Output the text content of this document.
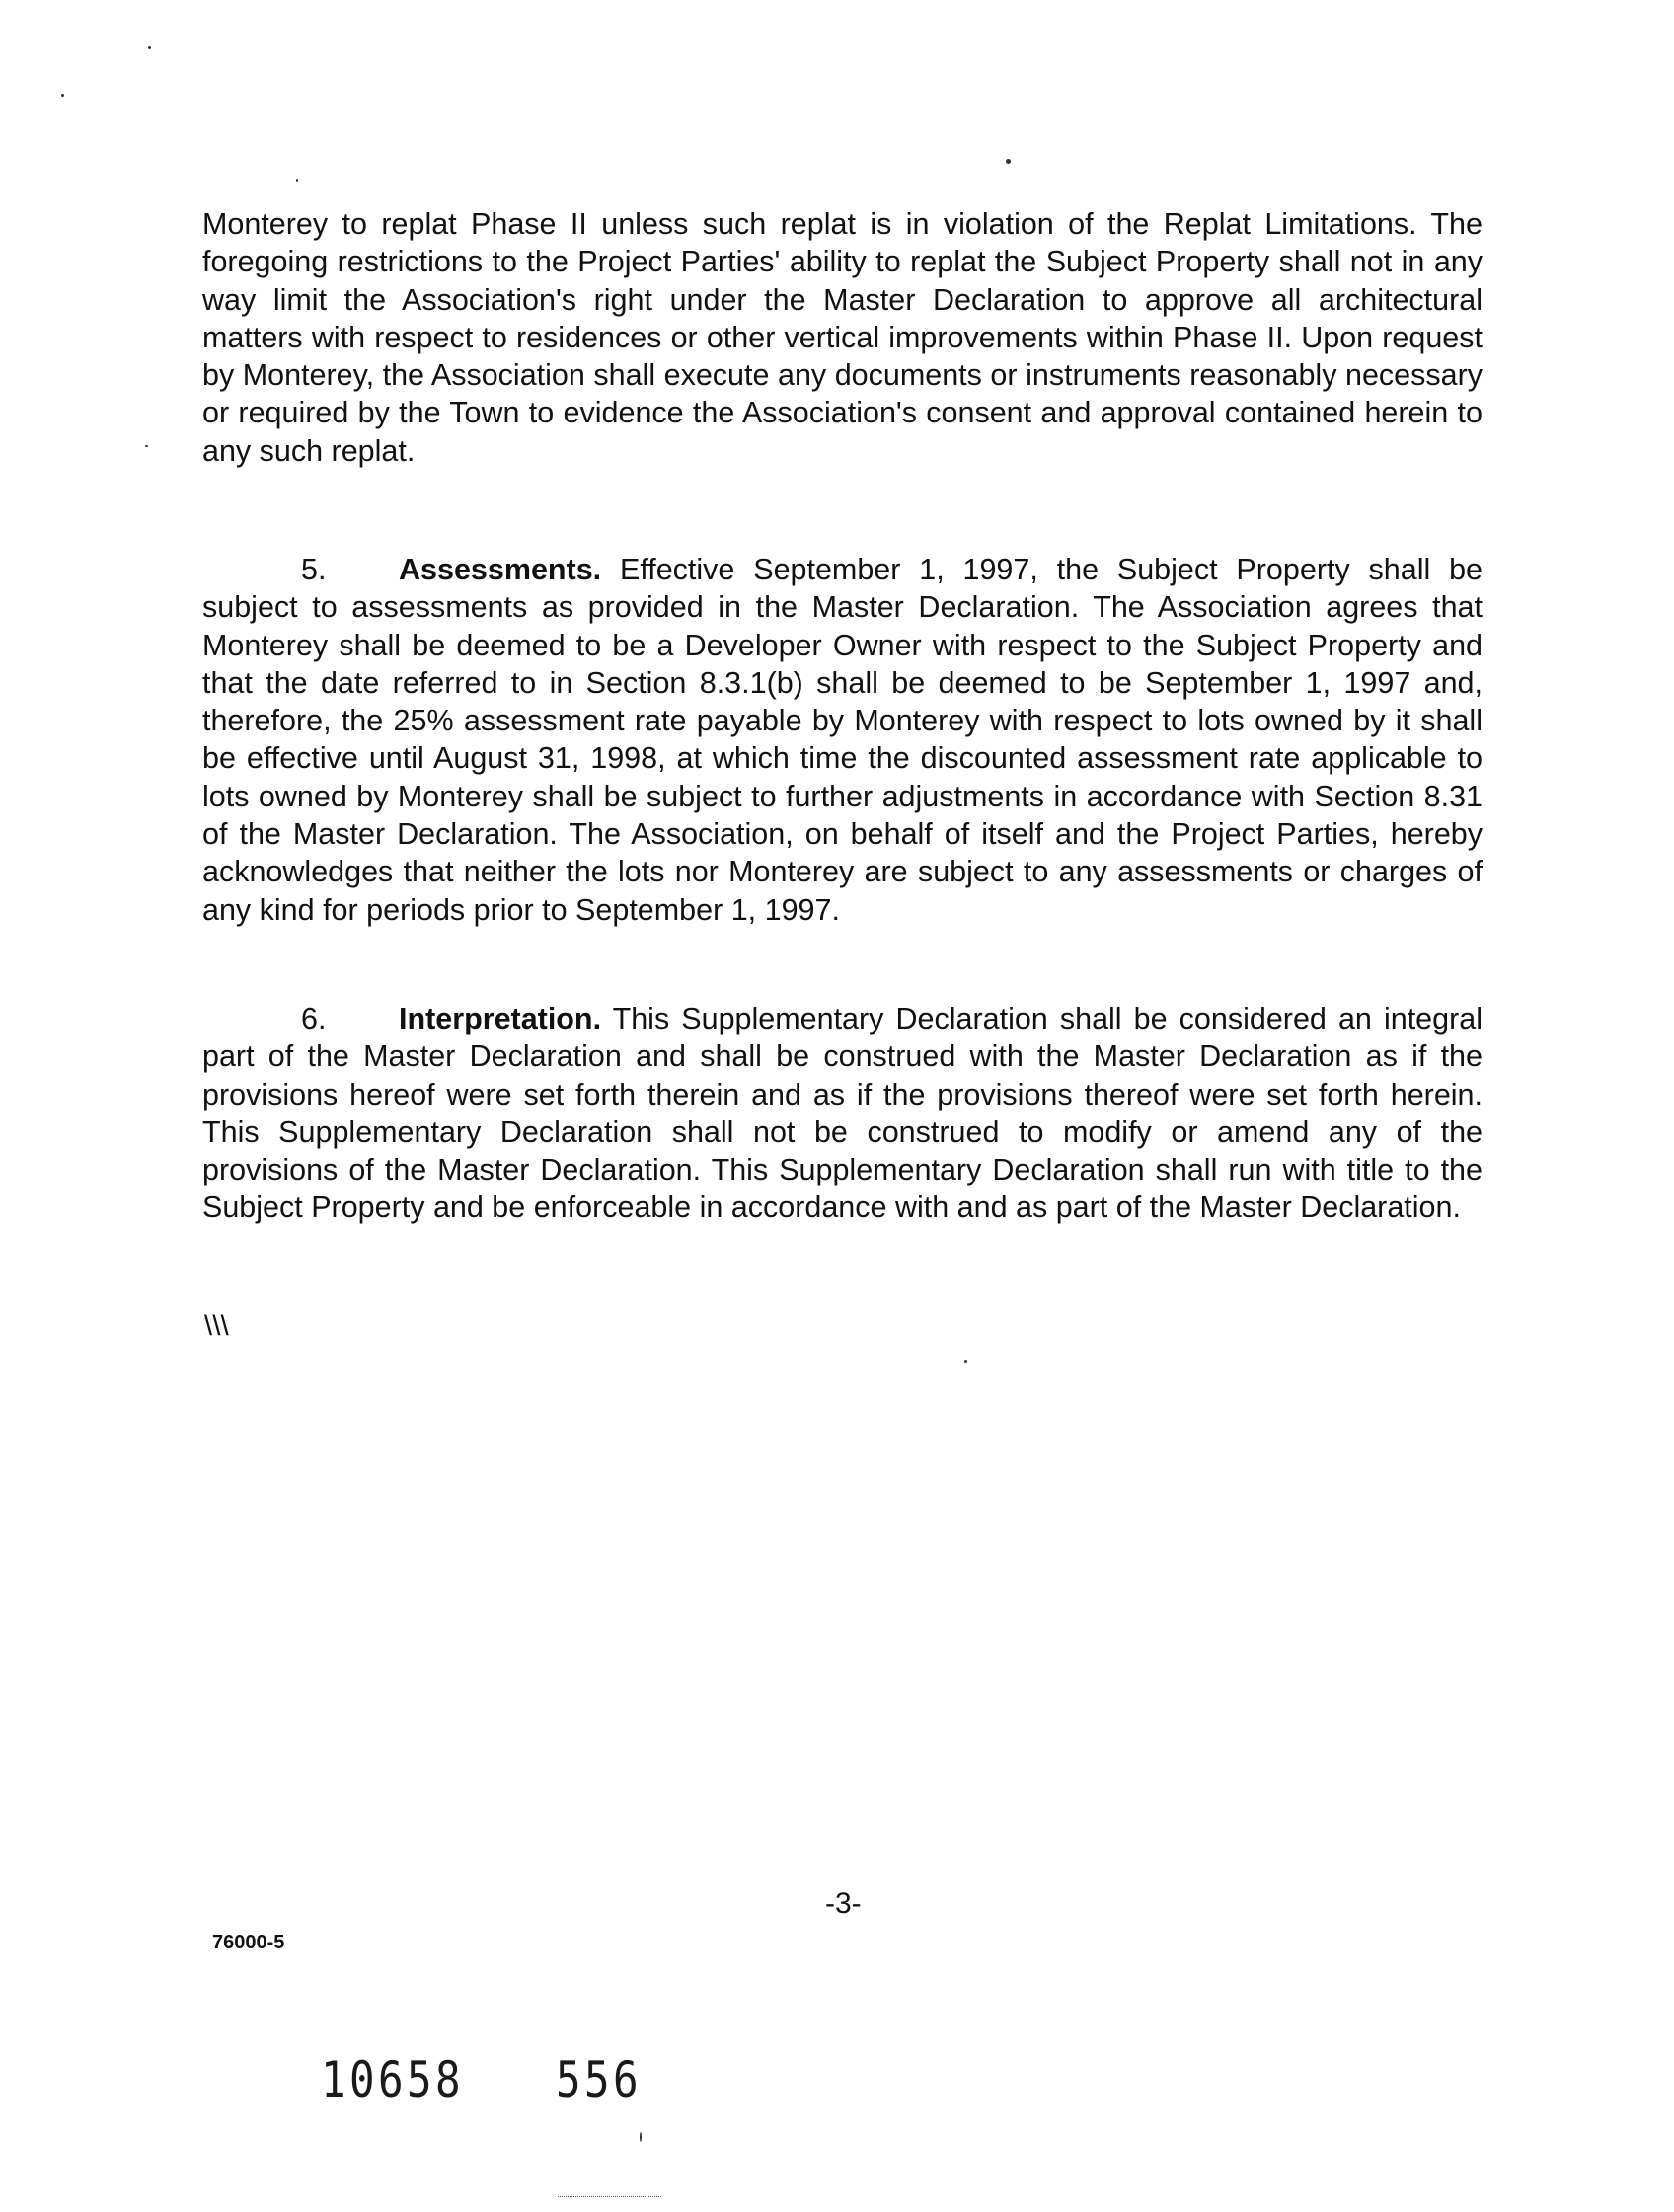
Monterey to replat Phase II unless such replat is in violation of the Replat Limitations. The foregoing restrictions to the Project Parties' ability to replat the Subject Property shall not in any way limit the Association's right under the Master Declaration to approve all architectural matters with respect to residences or other vertical improvements within Phase II. Upon request by Monterey, the Association shall execute any documents or instruments reasonably necessary or required by the Town to evidence the Association's consent and approval contained herein to any such replat.

5. Assessments. Effective September 1, 1997, the Subject Property shall be subject to assessments as provided in the Master Declaration. The Association agrees that Monterey shall be deemed to be a Developer Owner with respect to the Subject Property and that the date referred to in Section 8.3.1(b) shall be deemed to be September 1, 1997 and, therefore, the 25% assessment rate payable by Monterey with respect to lots owned by it shall be effective until August 31, 1998, at which time the discounted assessment rate applicable to lots owned by Monterey shall be subject to further adjustments in accordance with Section 8.31 of the Master Declaration. The Association, on behalf of itself and the Project Parties, hereby acknowledges that neither the lots nor Monterey are subject to any assessments or charges of any kind for periods prior to September 1, 1997.

6. Interpretation. This Supplementary Declaration shall be considered an integral part of the Master Declaration and shall be construed with the Master Declaration as if the provisions hereof were set forth therein and as if the provisions thereof were set forth herein. This Supplementary Declaration shall not be construed to modify or amend any of the provisions of the Master Declaration. This Supplementary Declaration shall run with title to the Subject Property and be enforceable in accordance with and as part of the Master Declaration.

\\\

-3-

76000-5

10658 556
